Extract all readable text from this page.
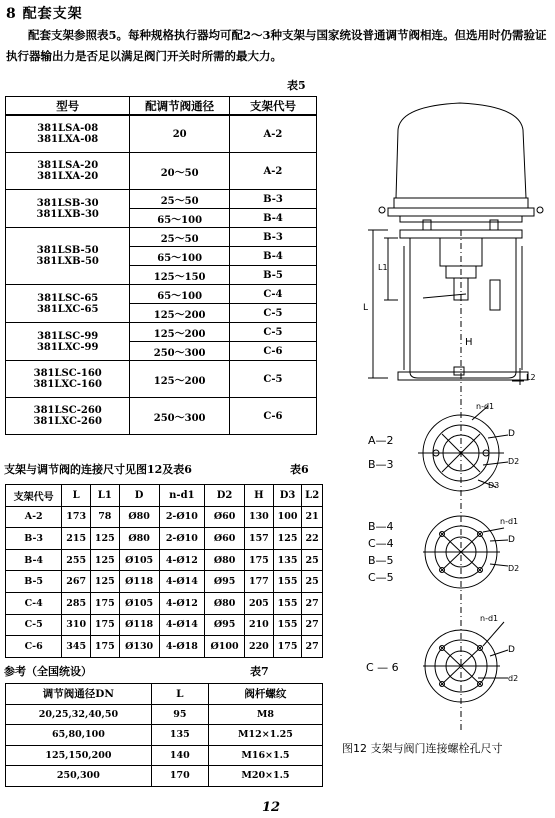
8 配套支架
配套支架参照表5。每种规格执行器均可配2～3种支架与国家统设普通调节阀相连。但选用时仍需验证执行器输出力是否足以满足阀门开关时所需的最大力。
表5
型号	配调节阀通径	支架代号

381LSA-08
381LXA-08	20	A-2

381LSA-20
381LXA-20	20～50	A-2

381LSB-30
381LXB-30	25～50	B-3
	65～100	B-4

381LSB-50
381LXB-50	25～50	B-3
	65～100	B-4
	125～150	B-5

381LSC-65
381LXC-65	65～100	C-4
	125～200	C-5

381LSC-99
381LXC-99	125～200	C-5
	250～300	C-6

381LSC-160
381LXC-160	125～200	C-5

381LSC-260
381LXC-260	250～300	C-6
支架与调节阀的连接尺寸见图12及表6	表6
支架代号	L	L1	D	n-d1	D2	H	D3	L2
A-2	173	78	Ø80	2-Ø10	Ø60	130	100	21
B-3	215	125	Ø80	2-Ø10	Ø60	157	125	22
B-4	255	125	Ø105	4-Ø12	Ø80	175	135	25
B-5	267	125	Ø118	4-Ø14	Ø95	177	155	25
C-4	285	175	Ø105	4-Ø12	Ø80	205	155	27
C-5	310	175	Ø118	4-Ø14	Ø95	210	155	27
C-6	345	175	Ø130	4-Ø18	Ø100	220	175	27
参考（全国统设）	表7
调节阀通径DN	L	阀杆螺纹
20,25,32,40,50	95	M8
65,80,100	135	M12×1.25
125,150,200	140	M16×1.5
250,300	170	M20×1.5
L1
L
H
L2
n-d1
D
D2
D3
A—2
B—3
n-d1
D
D2
B—4
C—4
B—5
C—5
n-d1
D
d2
C — 6
图12 支架与阀门连接螺栓孔尺寸
12
